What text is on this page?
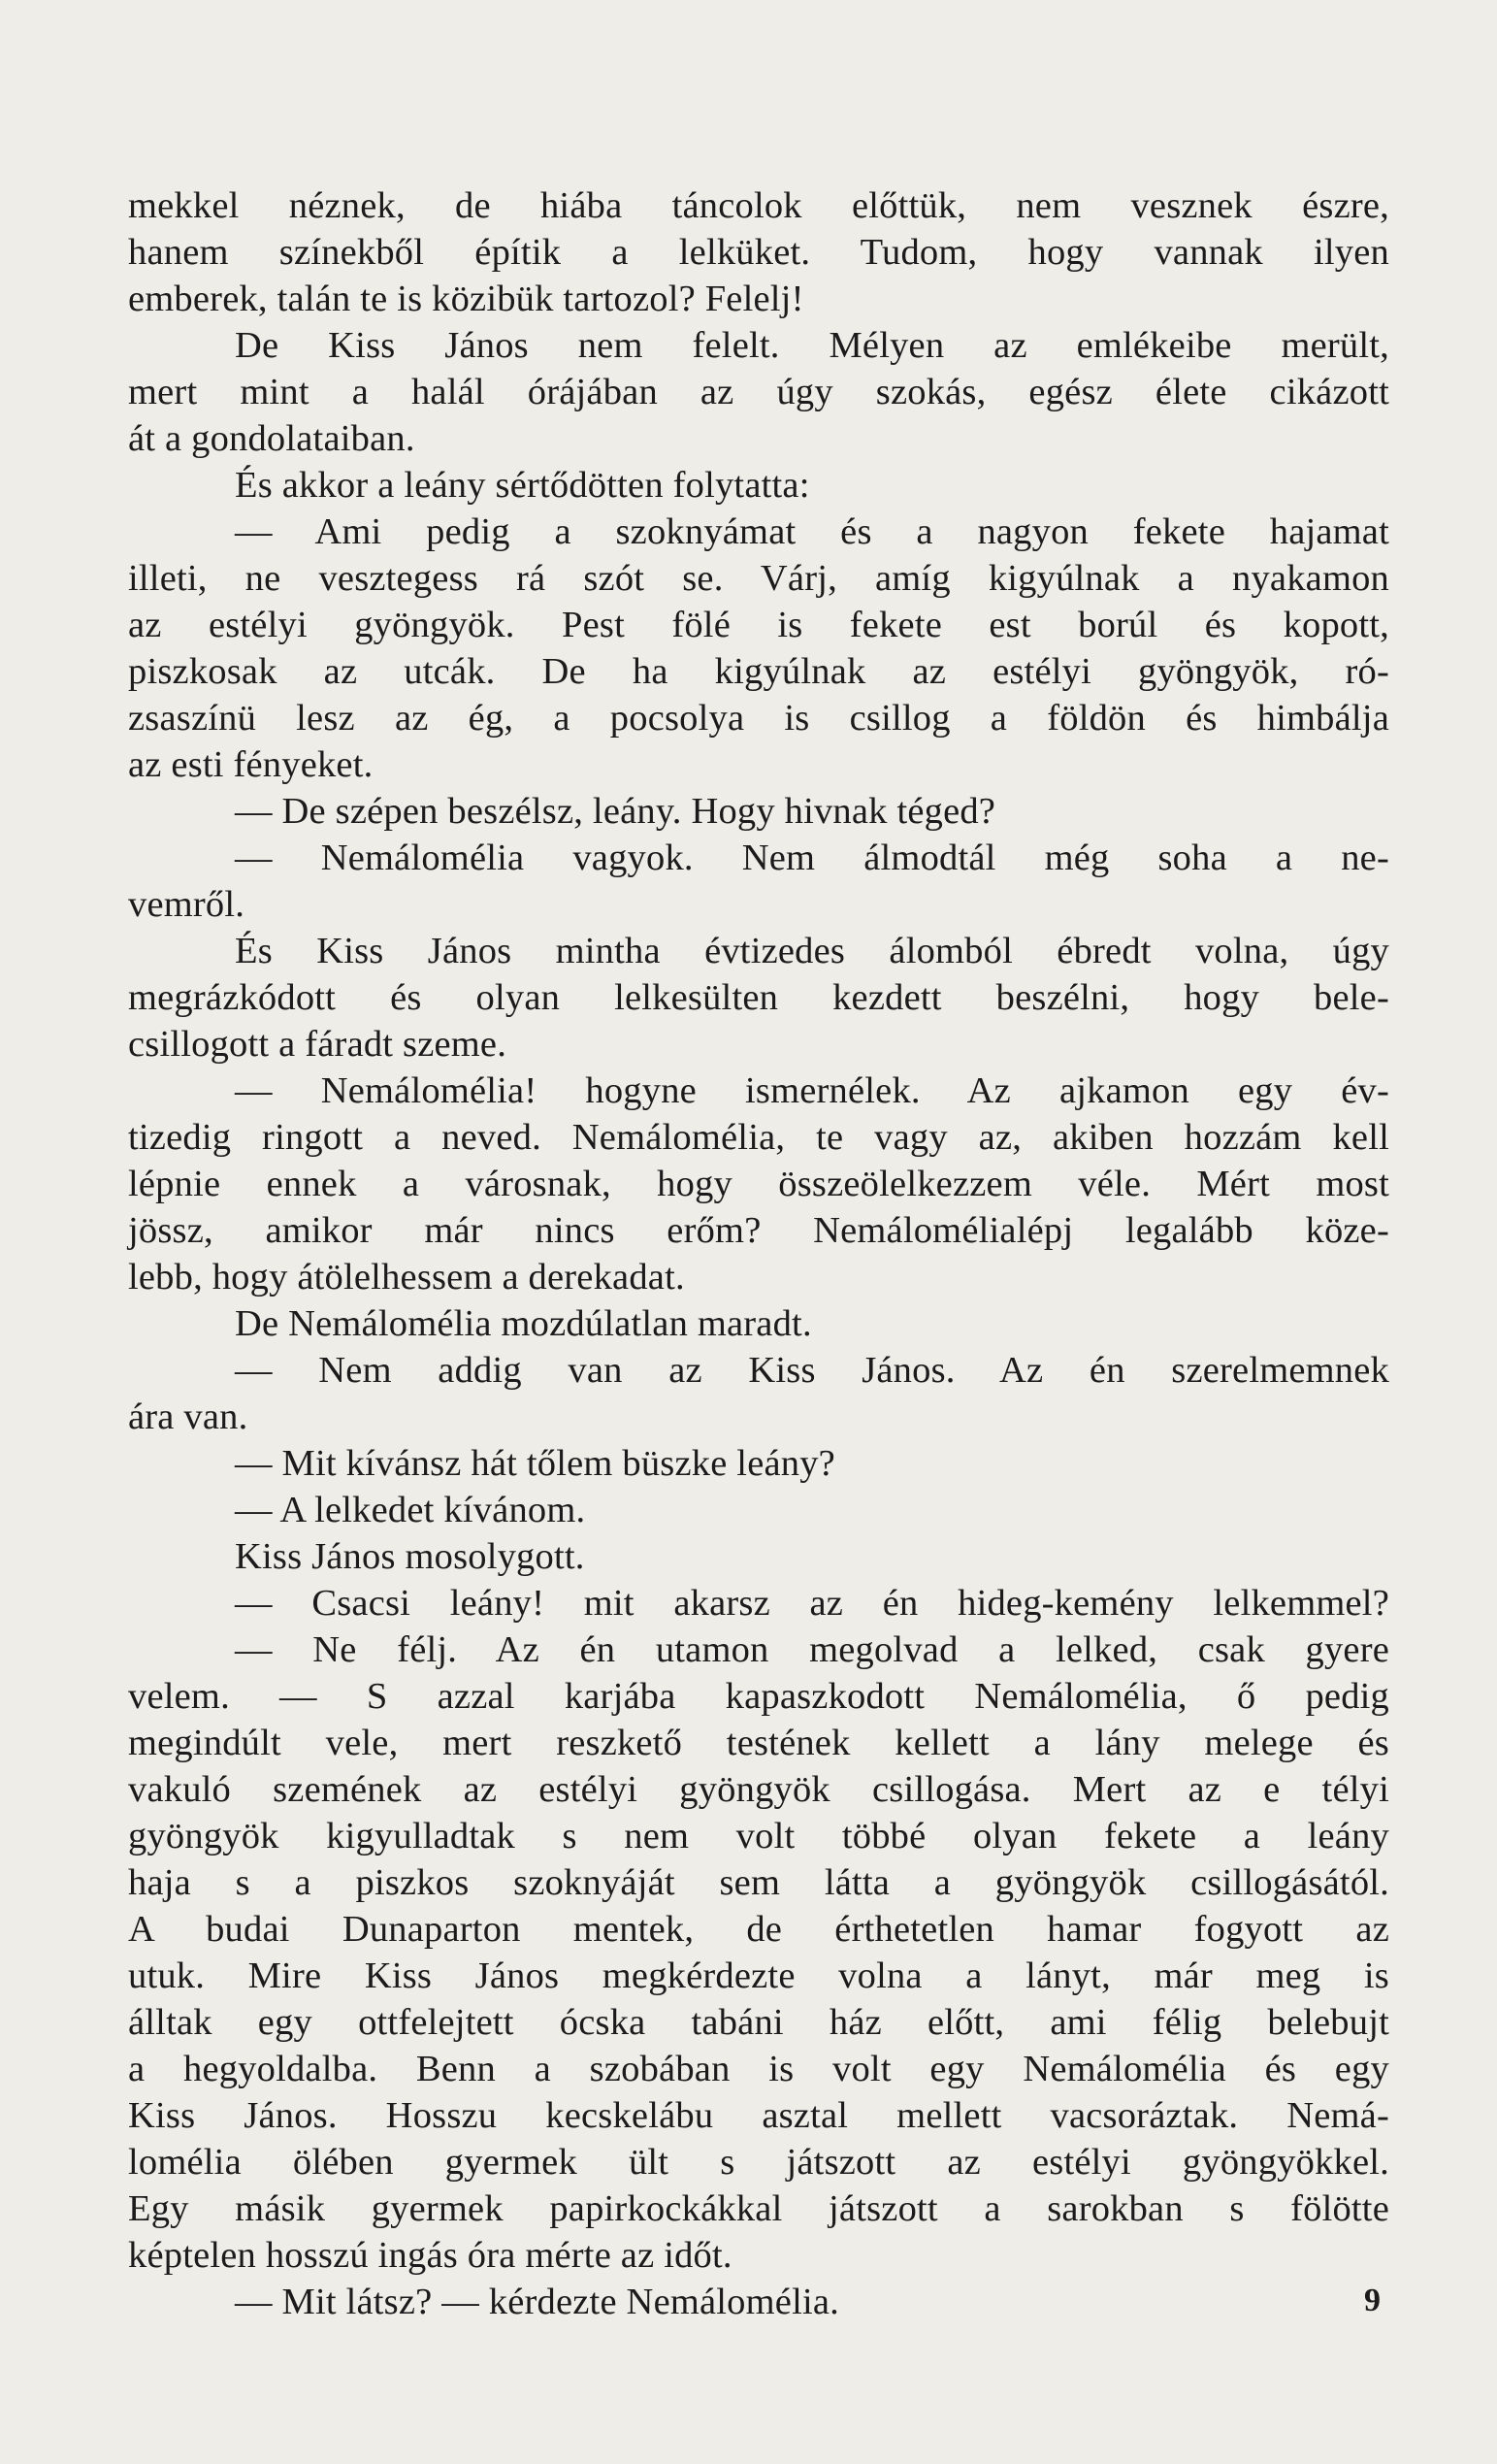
mekkel néznek, de hiába táncolok előttük, nem vesznek észre,
hanem színekből építik a lelküket. Tudom, hogy vannak ilyen
emberek, talán te is közibük tartozol? Felelj!
De Kiss János nem felelt. Mélyen az emlékeibe merült,
mert mint a halál órájában az úgy szokás, egész élete cikázott
át a gondolataiban.
És akkor a leány sértődötten folytatta:
— Ami pedig a szoknyámat és a nagyon fekete hajamat
illeti, ne vesztegess rá szót se. Várj, amíg kigyúlnak a nyakamon
az estélyi gyöngyök. Pest fölé is fekete est borúl és kopott,
piszkosak az utcák. De ha kigyúlnak az estélyi gyöngyök, ró-
zsaszínü lesz az ég, a pocsolya is csillog a földön és himbálja
az esti fényeket.
— De szépen beszélsz, leány. Hogy hivnak téged?
— Nemálomélia vagyok. Nem álmodtál még soha a ne-
vemről.
És Kiss János mintha évtizedes álomból ébredt volna, úgy
megrázkódott és olyan lelkesülten kezdett beszélni, hogy bele-
csillogott a fáradt szeme.
— Nemálomélia! hogyne ismernélek. Az ajkamon egy év-
tizedig ringott a neved. Nemálomélia, te vagy az, akiben hozzám kell
lépnie ennek a városnak, hogy összeölelkezzem véle. Mért most
jössz, amikor már nincs erőm? Nemálomélialépj legalább köze-
lebb, hogy átölelhessem a derekadat.
De Nemálomélia mozdúlatlan maradt.
— Nem addig van az Kiss János. Az én szerelmemnek
ára van.
— Mit kívánsz hát tőlem büszke leány?
— A lelkedet kívánom.
Kiss János mosolygott.
— Csacsi leány! mit akarsz az én hideg-kemény lelkemmel?
— Ne félj. Az én utamon megolvad a lelked, csak gyere
velem. — S azzal karjába kapaszkodott Nemálomélia, ő pedig
megindúlt vele, mert reszkető testének kellett a lány melege és
vakuló szemének az estélyi gyöngyök csillogása. Mert az e télyi
gyöngyök kigyulladtak s nem volt többé olyan fekete a leány
haja s a piszkos szoknyáját sem látta a gyöngyök csillogásától.
A budai Dunaparton mentek, de érthetetlen hamar fogyott az
utuk. Mire Kiss János megkérdezte volna a lányt, már meg is
álltak egy ottfelejtett ócska tabáni ház előtt, ami félig belebujt
a hegyoldalba. Benn a szobában is volt egy Nemálomélia és egy
Kiss János. Hosszu kecskelábu asztal mellett vacsoráztak. Nemá-
lomélia ölében gyermek ült s játszott az estélyi gyöngyökkel.
Egy másik gyermek papirkockákkal játszott a sarokban s fölötte
képtelen hosszú ingás óra mérte az időt.
— Mit látsz? — kérdezte Nemálomélia.	9
